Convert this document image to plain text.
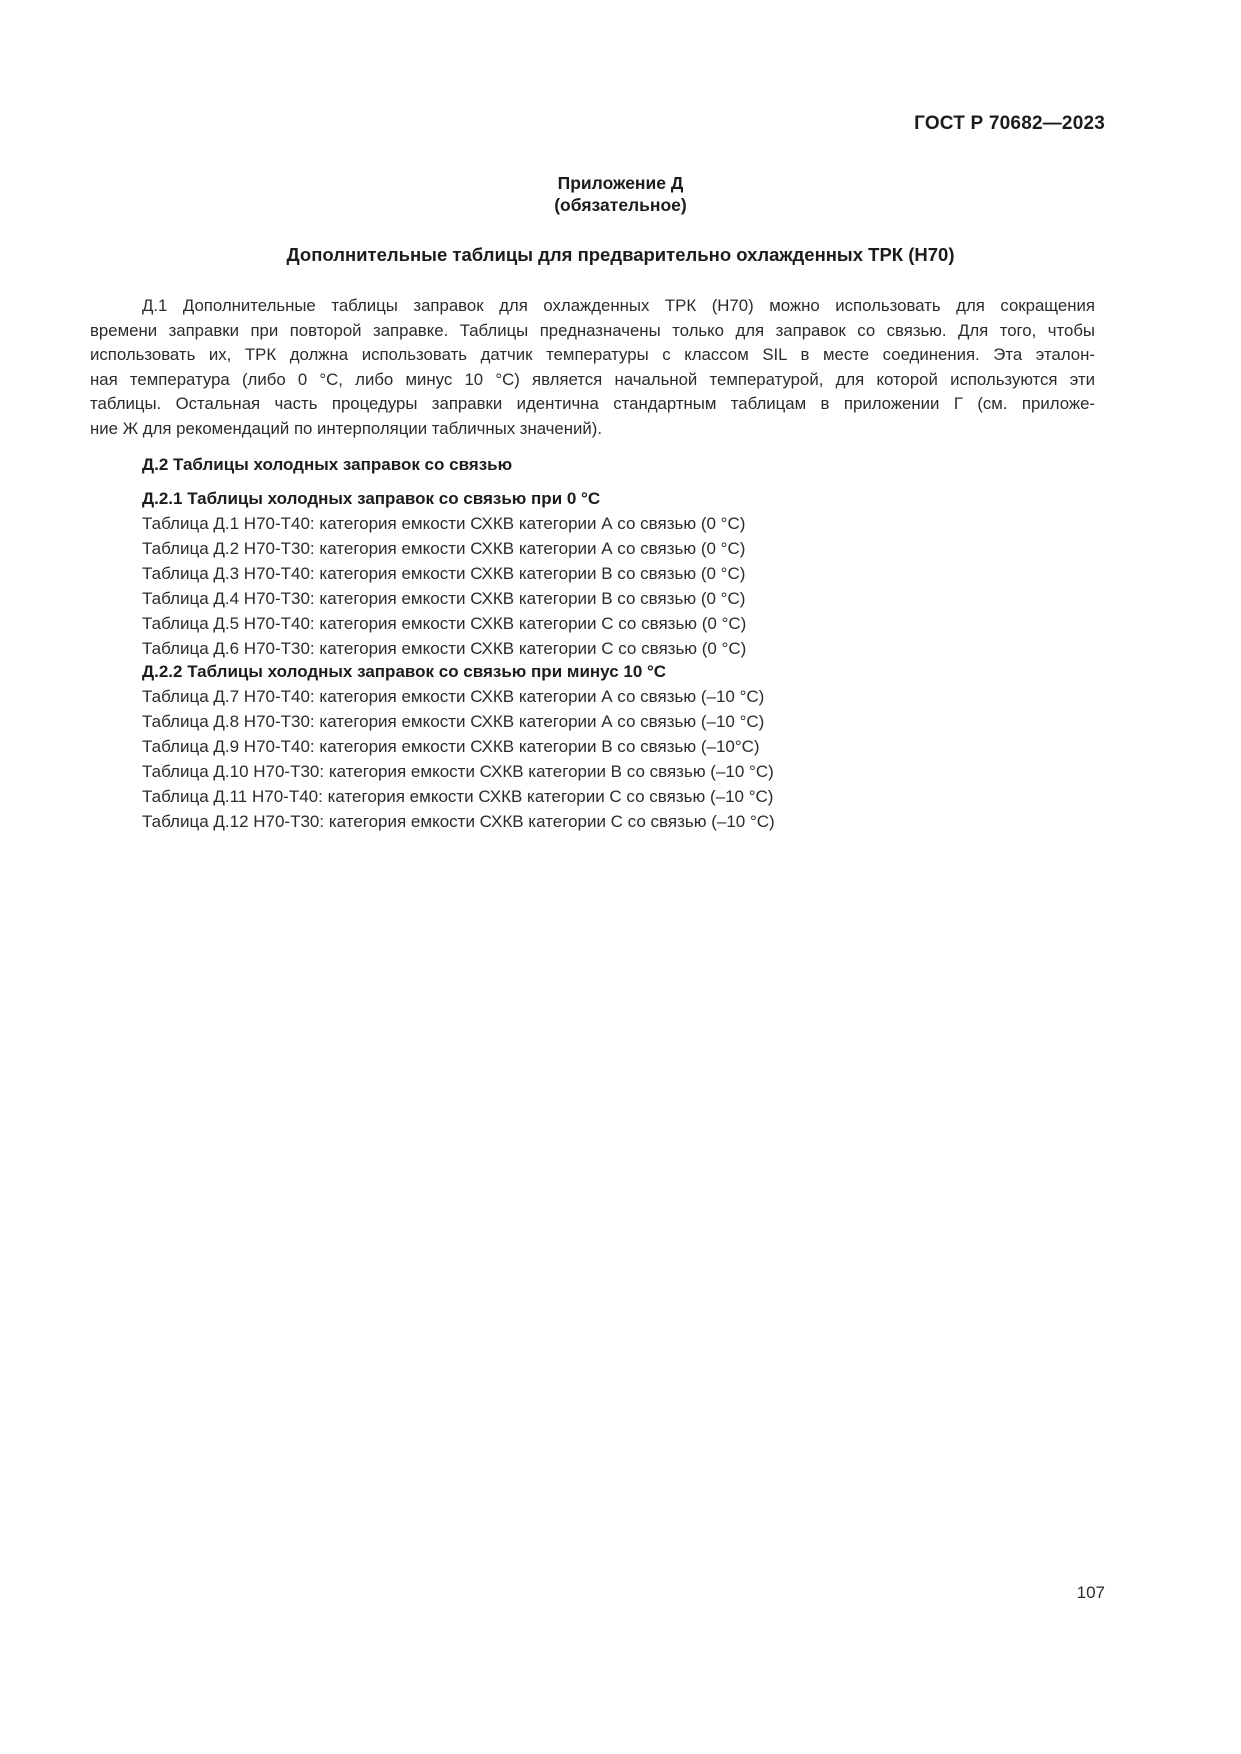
ГОСТ Р 70682—2023
Приложение Д
(обязательное)
Дополнительные таблицы для предварительно охлажденных ТРК (Н70)
Д.1 Дополнительные таблицы заправок для охлажденных ТРК (Н70) можно использовать для сокращения
времени заправки при повторой заправке. Таблицы предназначены только для заправок со связью. Для того, чтобы
использовать их, ТРК должна использовать датчик температуры с классом SIL в месте соединения. Эта эталон-
ная температура (либо 0 °С, либо минус 10 °С) является начальной температурой, для которой используются эти
таблицы. Остальная часть процедуры заправки идентична стандартным таблицам в приложении Г (см. приложе-
ние Ж для рекомендаций по интерполяции табличных значений).
Д.2 Таблицы холодных заправок со связью
Д.2.1 Таблицы холодных заправок со связью при 0 °С
Таблица Д.1 H70-T40: категория емкости СХКВ категории А со связью (0 °С)
Таблица Д.2 H70-T30: категория емкости СХКВ категории А со связью (0 °С)
Таблица Д.3 H70-T40: категория емкости СХКВ категории В со связью (0 °С)
Таблица Д.4 H70-T30: категория емкости СХКВ категории В со связью (0 °С)
Таблица Д.5 H70-T40: категория емкости СХКВ категории С со связью (0 °С)
Таблица Д.6 H70-T30: категория емкости СХКВ категории С со связью (0 °С)
Д.2.2 Таблицы холодных заправок со связью при минус 10 °С
Таблица Д.7 H70-T40: категория емкости СХКВ категории А со связью (–10 °С)
Таблица Д.8 H70-T30: категория емкости СХКВ категории А со связью (–10 °С)
Таблица Д.9 H70-T40: категория емкости СХКВ категории В со связью (–10°С)
Таблица Д.10 H70-T30: категория емкости СХКВ категории В со связью (–10 °С)
Таблица Д.11 H70-T40: категория емкости СХКВ категории С со связью (–10 °С)
Таблица Д.12 H70-T30: категория емкости СХКВ категории С со связью (–10 °С)
107
